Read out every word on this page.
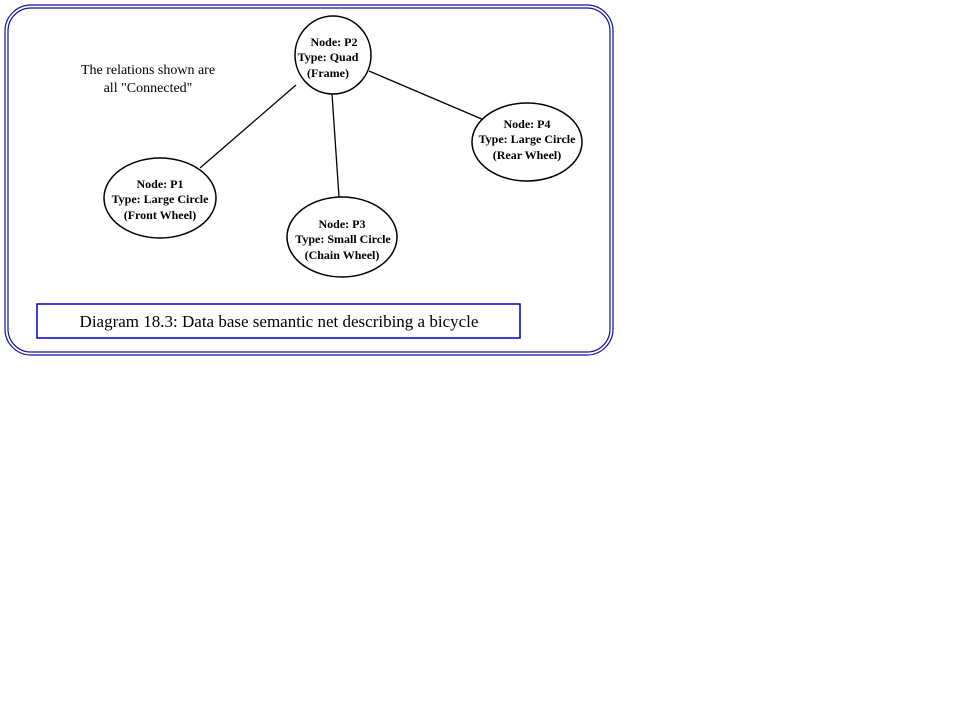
The relations shown are
all "Connected"
Node: P2
Type: Quad
(Frame)
Node: P1
Type: Large Circle
(Front Wheel)
Node: P3
Type: Small Circle
(Chain Wheel)
Node: P4
Type: Large Circle
(Rear Wheel)
Diagram 18.3: Data base semantic net describing a bicycle
